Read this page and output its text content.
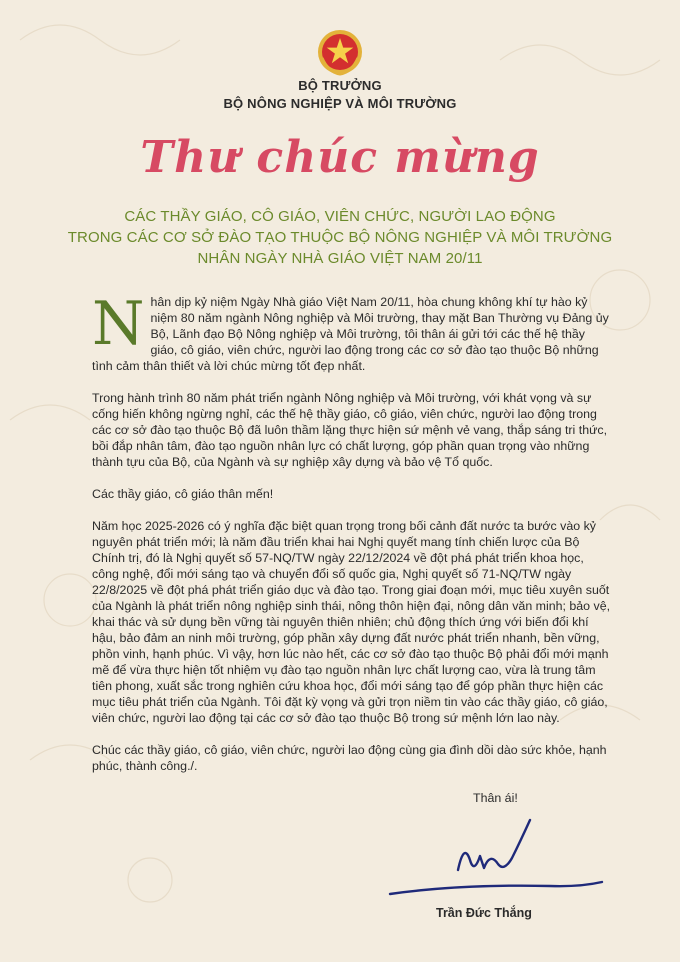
BỘ TRƯỞNG
BỘ NÔNG NGHIỆP VÀ MÔI TRƯỜNG
Thư chúc mừng
CÁC THẦY GIÁO, CÔ GIÁO, VIÊN CHỨC, NGƯỜI LAO ĐỘNG
TRONG CÁC CƠ SỞ ĐÀO TẠO THUỘC BỘ NÔNG NGHIỆP VÀ MÔI TRƯỜNG
NHÂN NGÀY NHÀ GIÁO VIỆT NAM 20/11

Nhân dịp kỷ niệm Ngày Nhà giáo Việt Nam 20/11, hòa chung không khí tự hào kỷ niệm 80 năm ngành Nông nghiệp và Môi trường, thay mặt Ban Thường vụ Đảng ủy Bộ, Lãnh đạo Bộ Nông nghiệp và Môi trường, tôi thân ái gửi tới các thế hệ thầy giáo, cô giáo, viên chức, người lao động trong các cơ sở đào tạo thuộc Bộ những tình cảm thân thiết và lời chúc mừng tốt đẹp nhất.

Trong hành trình 80 năm phát triển ngành Nông nghiệp và Môi trường, với khát vọng và sự cống hiến không ngừng nghỉ, các thế hệ thầy giáo, cô giáo, viên chức, người lao động trong các cơ sở đào tạo thuộc Bộ đã luôn thầm lặng thực hiện sứ mệnh vẻ vang, thắp sáng tri thức, bồi đắp nhân tâm, đào tạo nguồn nhân lực có chất lượng, góp phần quan trọng vào những thành tựu của Bộ, của Ngành và sự nghiệp xây dựng và bảo vệ Tổ quốc.

Các thầy giáo, cô giáo thân mến!

Năm học 2025-2026 có ý nghĩa đặc biệt quan trọng trong bối cảnh đất nước ta bước vào kỷ nguyên phát triển mới; là năm đầu triển khai hai Nghị quyết mang tính chiến lược của Bộ Chính trị, đó là Nghị quyết số 57-NQ/TW ngày 22/12/2024 về đột phá phát triển khoa học, công nghệ, đổi mới sáng tạo và chuyển đổi số quốc gia, Nghị quyết số 71-NQ/TW ngày 22/8/2025 về đột phá phát triển giáo dục và đào tạo. Trong giai đoạn mới, mục tiêu xuyên suốt của Ngành là phát triển nông nghiệp sinh thái, nông thôn hiện đại, nông dân văn minh; bảo vệ, khai thác và sử dụng bền vững tài nguyên thiên nhiên; chủ động thích ứng với biến đổi khí hậu, bảo đảm an ninh môi trường, góp phần xây dựng đất nước phát triển nhanh, bền vững, phồn vinh, hạnh phúc. Vì vậy, hơn lúc nào hết, các cơ sở đào tạo thuộc Bộ phải đổi mới mạnh mẽ để vừa thực hiện tốt nhiệm vụ đào tạo nguồn nhân lực chất lượng cao, vừa là trung tâm tiên phong, xuất sắc trong nghiên cứu khoa học, đổi mới sáng tạo để góp phần thực hiện các mục tiêu phát triển của Ngành. Tôi đặt kỳ vọng và gửi trọn niềm tin vào các thầy giáo, cô giáo, viên chức, người lao động tại các cơ sở đào tạo thuộc Bộ trong sứ mệnh lớn lao này.

Chúc các thầy giáo, cô giáo, viên chức, người lao động cùng gia đình dồi dào sức khỏe, hạnh phúc, thành công./.

Thân ái!
Trần Đức Thắng
